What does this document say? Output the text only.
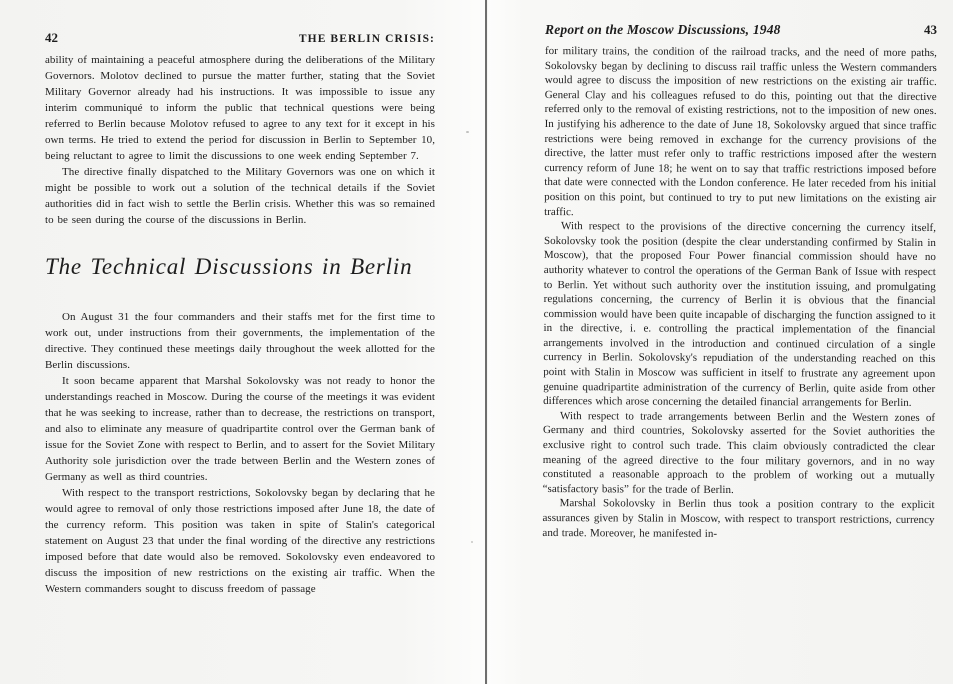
42	THE BERLIN CRISIS:

ability of maintaining a peaceful atmosphere during the deliberations of the Military Governors. Molotov declined to pursue the matter further, stating that the Soviet Military Governor already had his instructions. It was impossible to issue any interim communiqué to inform the public that technical questions were being referred to Berlin because Molotov refused to agree to any text for it except in his own terms. He tried to extend the period for discussion in Berlin to September 10, being reluctant to agree to limit the discussions to one week ending September 7.

The directive finally dispatched to the Military Governors was one on which it might be possible to work out a solution of the technical details if the Soviet authorities did in fact wish to settle the Berlin crisis. Whether this was so remained to be seen during the course of the discussions in Berlin.

The Technical Discussions in Berlin

On August 31 the four commanders and their staffs met for the first time to work out, under instructions from their governments, the implementation of the directive. They continued these meetings daily throughout the week allotted for the Berlin discussions.

It soon became apparent that Marshal Sokolovsky was not ready to honor the understandings reached in Moscow. During the course of the meetings it was evident that he was seeking to increase, rather than to decrease, the restrictions on transport, and also to eliminate any measure of quadripartite control over the German bank of issue for the Soviet Zone with respect to Berlin, and to assert for the Soviet Military Authority sole jurisdiction over the trade between Berlin and the Western zones of Germany as well as third countries.

With respect to the transport restrictions, Sokolovsky began by declaring that he would agree to removal of only those restrictions imposed after June 18, the date of the currency reform. This position was taken in spite of Stalin's categorical statement on August 23 that under the final wording of the directive any restrictions imposed before that date would also be removed. Sokolovsky even endeavored to discuss the imposition of new restrictions on the existing air traffic. When the Western commanders sought to discuss freedom of passage

Report on the Moscow Discussions, 1948	43

for military trains, the condition of the railroad tracks, and the need of more paths, Sokolovsky began by declining to discuss rail traffic unless the Western commanders would agree to discuss the imposition of new restrictions on the existing air traffic. General Clay and his colleagues refused to do this, pointing out that the directive referred only to the removal of existing restrictions, not to the imposition of new ones. In justifying his adherence to the date of June 18, Sokolovsky argued that since traffic restrictions were being removed in exchange for the currency provisions of the directive, the latter must refer only to traffic restrictions imposed after the western currency reform of June 18; he went on to say that traffic restrictions imposed before that date were connected with the London conference. He later receded from his initial position on this point, but continued to try to put new limitations on the existing air traffic.

With respect to the provisions of the directive concerning the currency itself, Sokolovsky took the position (despite the clear understanding confirmed by Stalin in Moscow), that the proposed Four Power financial commission should have no authority whatever to control the operations of the German Bank of Issue with respect to Berlin. Yet without such authority over the institution issuing, and promulgating regulations concerning, the currency of Berlin it is obvious that the financial commission would have been quite incapable of discharging the function assigned to it in the directive, i. e. controlling the practical implementation of the financial arrangements involved in the introduction and continued circulation of a single currency in Berlin. Sokolovsky's repudiation of the understanding reached on this point with Stalin in Moscow was sufficient in itself to frustrate any agreement upon genuine quadripartite administration of the currency of Berlin, quite aside from other differences which arose concerning the detailed financial arrangements for Berlin.

With respect to trade arrangements between Berlin and the Western zones of Germany and third countries, Sokolovsky asserted for the Soviet authorities the exclusive right to control such trade. This claim obviously contradicted the clear meaning of the agreed directive to the four military governors, and in no way constituted a reasonable approach to the problem of working out a mutually “satisfactory basis” for the trade of Berlin.

Marshal Sokolovsky in Berlin thus took a position contrary to the explicit assurances given by Stalin in Moscow, with respect to transport restrictions, currency and trade. Moreover, he manifested in-
